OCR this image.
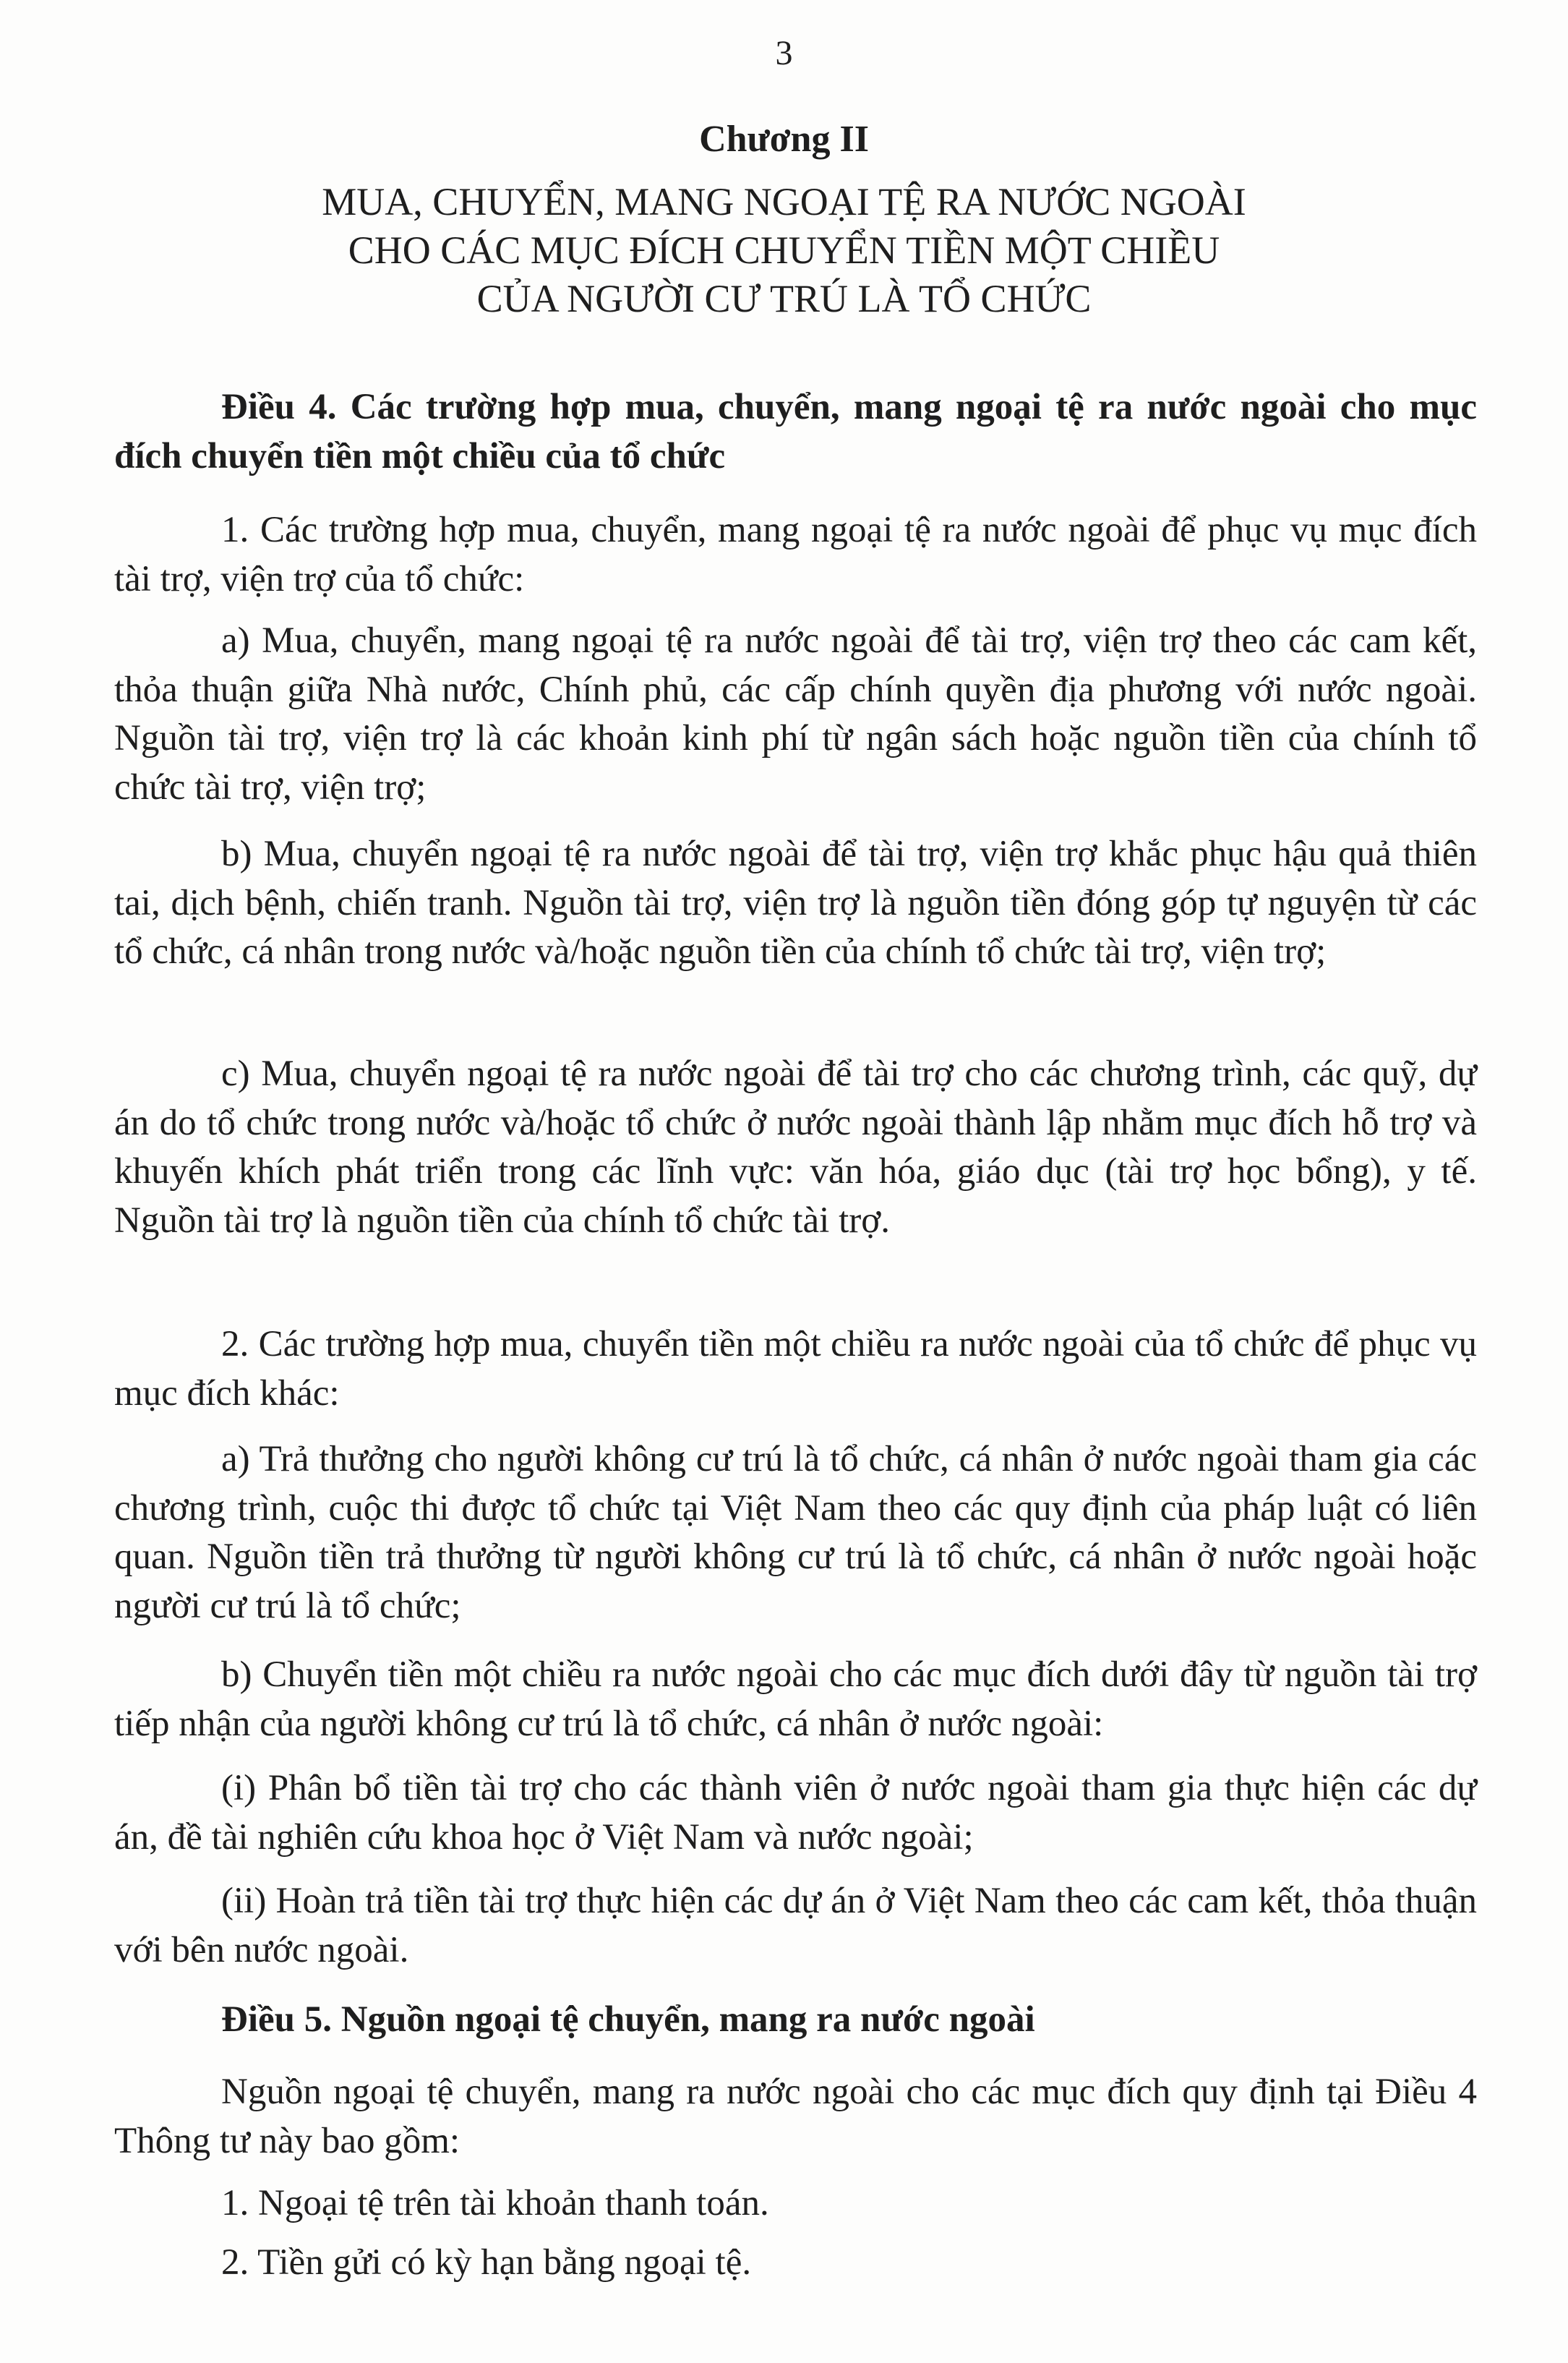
3
Chương II
MUA, CHUYỂN, MANG NGOẠI TỆ RA NƯỚC NGOÀI
CHO CÁC MỤC ĐÍCH CHUYỂN TIỀN MỘT CHIỀU
CỦA NGƯỜI CƯ TRÚ LÀ TỔ CHỨC
Điều 4. Các trường hợp mua, chuyển, mang ngoại tệ ra nước ngoài cho mục đích chuyển tiền một chiều của tổ chức
1. Các trường hợp mua, chuyển, mang ngoại tệ ra nước ngoài để phục vụ mục đích tài trợ, viện trợ của tổ chức:
a) Mua, chuyển, mang ngoại tệ ra nước ngoài để tài trợ, viện trợ theo các cam kết, thỏa thuận giữa Nhà nước, Chính phủ, các cấp chính quyền địa phương với nước ngoài. Nguồn tài trợ, viện trợ là các khoản kinh phí từ ngân sách hoặc nguồn tiền của chính tổ chức tài trợ, viện trợ;
b) Mua, chuyển ngoại tệ ra nước ngoài để tài trợ, viện trợ khắc phục hậu quả thiên tai, dịch bệnh, chiến tranh. Nguồn tài trợ, viện trợ là nguồn tiền đóng góp tự nguyện từ các tổ chức, cá nhân trong nước và/hoặc nguồn tiền của chính tổ chức tài trợ, viện trợ;
c) Mua, chuyển ngoại tệ ra nước ngoài để tài trợ cho các chương trình, các quỹ, dự án do tổ chức trong nước và/hoặc tổ chức ở nước ngoài thành lập nhằm mục đích hỗ trợ và khuyến khích phát triển trong các lĩnh vực: văn hóa, giáo dục (tài trợ học bổng), y tế. Nguồn tài trợ là nguồn tiền của chính tổ chức tài trợ.
2. Các trường hợp mua, chuyển tiền một chiều ra nước ngoài của tổ chức để phục vụ mục đích khác:
a) Trả thưởng cho người không cư trú là tổ chức, cá nhân ở nước ngoài tham gia các chương trình, cuộc thi được tổ chức tại Việt Nam theo các quy định của pháp luật có liên quan. Nguồn tiền trả thưởng từ người không cư trú là tổ chức, cá nhân ở nước ngoài hoặc người cư trú là tổ chức;
b) Chuyển tiền một chiều ra nước ngoài cho các mục đích dưới đây từ nguồn tài trợ tiếp nhận của người không cư trú là tổ chức, cá nhân ở nước ngoài:
(i) Phân bổ tiền tài trợ cho các thành viên ở nước ngoài tham gia thực hiện các dự án, đề tài nghiên cứu khoa học ở Việt Nam và nước ngoài;
(ii) Hoàn trả tiền tài trợ thực hiện các dự án ở Việt Nam theo các cam kết, thỏa thuận với bên nước ngoài.
Điều 5. Nguồn ngoại tệ chuyển, mang ra nước ngoài
Nguồn ngoại tệ chuyển, mang ra nước ngoài cho các mục đích quy định tại Điều 4 Thông tư này bao gồm:
1. Ngoại tệ trên tài khoản thanh toán.
2. Tiền gửi có kỳ hạn bằng ngoại tệ.
